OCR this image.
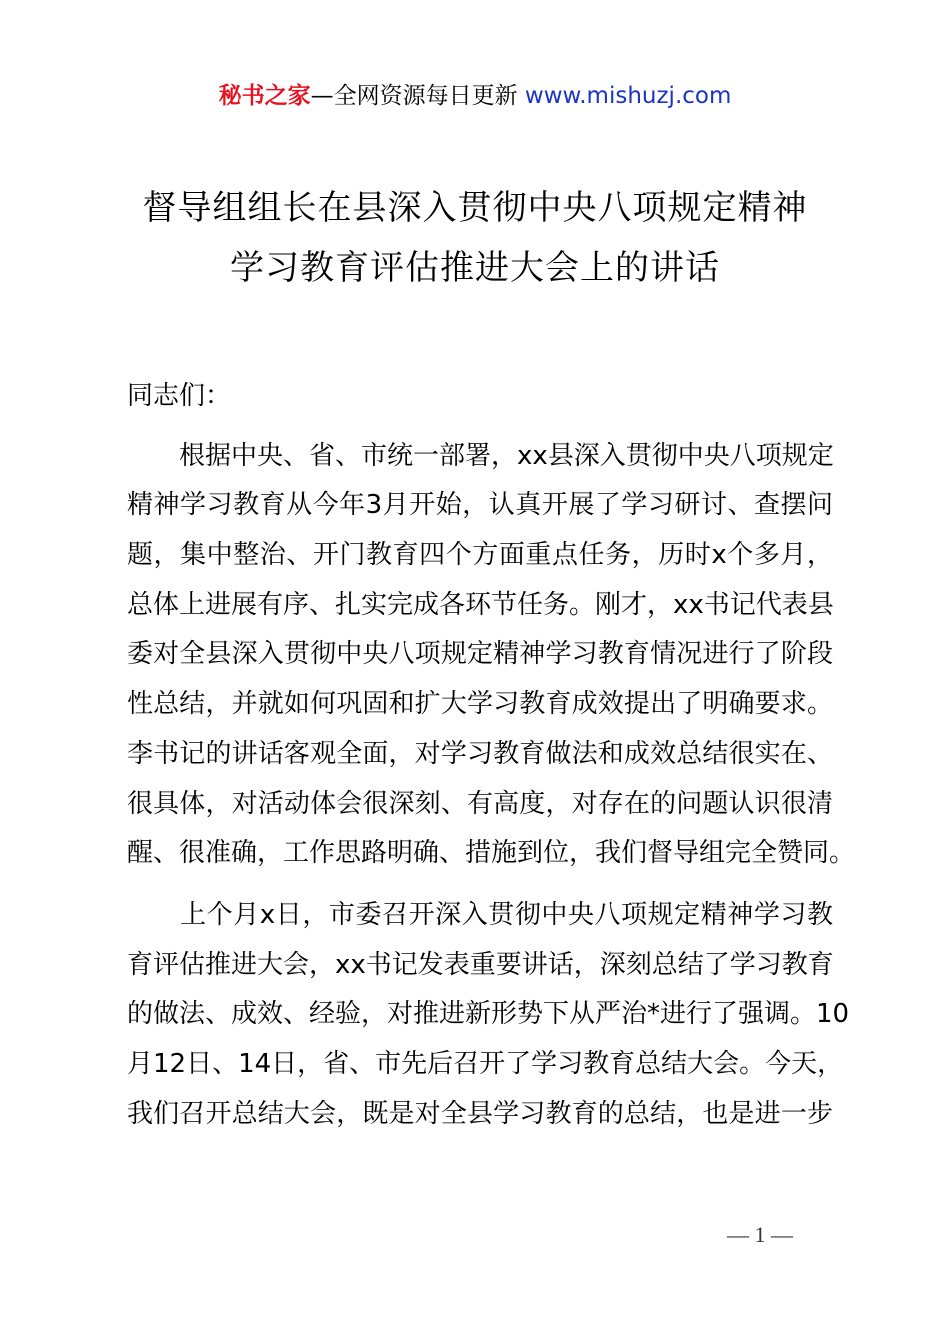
秘书之家—全网资源每日更新 www.mishuzj.com
督导组组长在县深入贯彻中央八项规定精神
学习教育评估推进大会上的讲话
同志们：
　　根据中央、省、市统一部署，xx县深入贯彻中央八项规定
精神学习教育从今年3月开始，认真开展了学习研讨、查摆问
题，集中整治、开门教育四个方面重点任务，历时x个多月，
总体上进展有序、扎实完成各环节任务。刚才，xx书记代表县
委对全县深入贯彻中央八项规定精神学习教育情况进行了阶段
性总结，并就如何巩固和扩大学习教育成效提出了明确要求。
李书记的讲话客观全面，对学习教育做法和成效总结很实在、
很具体，对活动体会很深刻、有高度，对存在的问题认识很清
醒、很准确，工作思路明确、措施到位，我们督导组完全赞同。
　　上个月x日，市委召开深入贯彻中央八项规定精神学习教
育评估推进大会，xx书记发表重要讲话，深刻总结了学习教育
的做法、成效、经验，对推进新形势下从严治*进行了强调。10
月12日、14日，省、市先后召开了学习教育总结大会。今天，
我们召开总结大会，既是对全县学习教育的总结，也是进一步
— 1 —
